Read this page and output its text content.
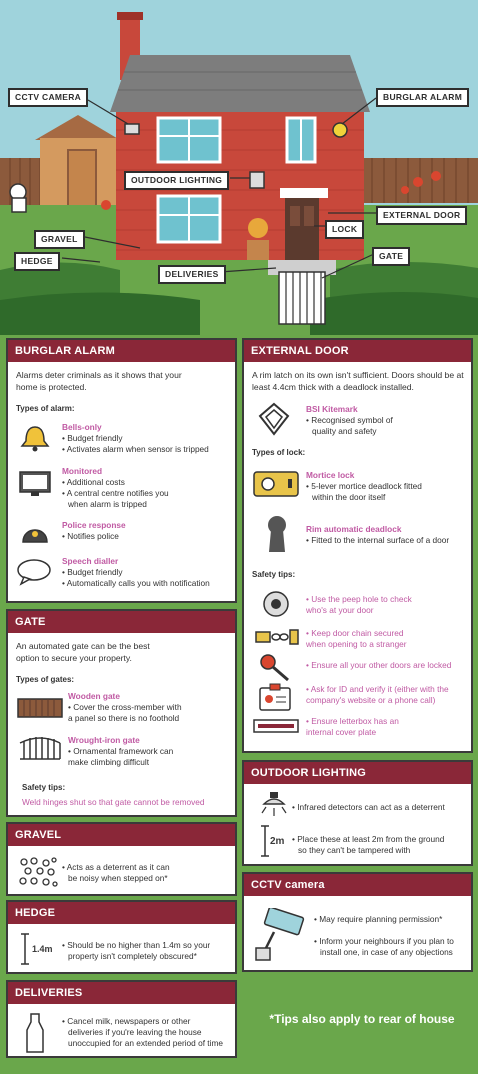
CCTV CAMERA	BURGLAR ALARM
OUTDOOR LIGHTING
EXTERNAL DOOR
LOCK
GRAVEL
HEDGE	GATE
DELIVERIES
BURGLAR ALARM
Alarms deter criminals as it shows that your home is protected.
Types of alarm:
Bells-only
• Budget friendly
• Activates alarm when sensor is tripped
Monitored
• Additional costs
• A central centre notifies you
when alarm is tripped
Police response
• Notifies police
Speech dialler
• Budget friendly
• Automatically calls you with notification
GATE
An automated gate can be the best option to secure your property.
Types of gates:
Wooden gate
• Cover the cross-member with
a panel so there is no foothold
Wrought-iron gate
• Ornamental framework can
make climbing difficult
Safety tips:
Weld hinges shut so that gate cannot be removed
GRAVEL
• Acts as a deterrent as it can
be noisy when stepped on*
HEDGE
1.4m • Should be no higher than 1.4m so your
property isn't completely obscured*
DELIVERIES
• Cancel milk, newspapers or other
deliveries if you're leaving the house
unoccupied for an extended period of time
EXTERNAL DOOR
A rim latch on its own isn't sufficient. Doors should be at least 4.4cm thick with a deadlock installed.
BSI Kitemark
• Recognised symbol of
quality and safety
Types of lock:
Mortice lock
• 5-lever mortice deadlock fitted
within the door itself
Rim automatic deadlock
• Fitted to the internal surface of a door
Safety tips:
• Use the peep hole to check
who's at your door
• Keep door chain secured
when opening to a stranger
• Ensure all your other doors are locked
• Ask for ID and verify it (either with the
company's website or a phone call)
• Ensure letterbox has an
internal cover plate
OUTDOOR LIGHTING
• Infrared detectors can act as a deterrent
2m • Place these at least 2m from the ground
so they can't be tampered with
CCTV camera
• May require planning permission*
• Inform your neighbours if you plan to
install one, in case of any objections
*Tips also apply to rear of house
